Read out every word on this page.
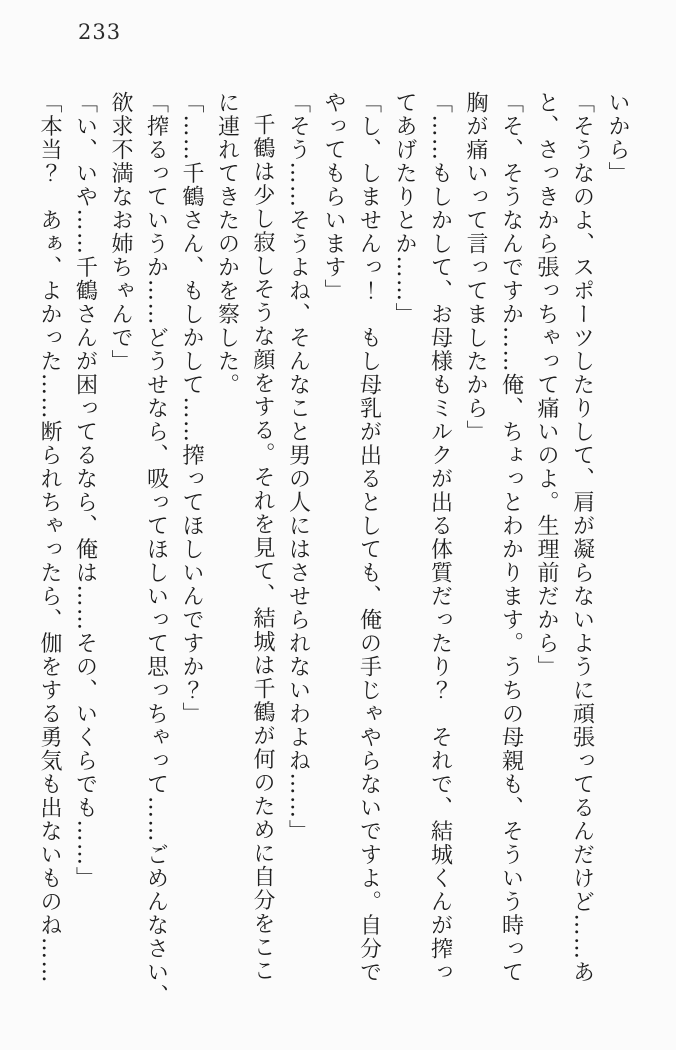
233

いから」

「そうなのよ、スポーツしたりして、肩が凝らないように頑張ってるんだけど……あ

と、さっきから張っちゃって痛いのよ。生理前だから」

「そ、そうなんですか……俺、ちょっとわかります。うちの母親も、そういう時って

胸が痛いって言ってましたから」

「……もしかして、お母様もミルクが出る体質だったり？　それで、結城くんが搾っ

てあげたりとか……」

「し、しませんっ！　もし母乳が出るとしても、俺の手じゃやらないですよ。自分で

やってもらいます」

「そう……そうよね、そんなこと男の人にはさせられないわよね……」

千鶴は少し寂しそうな顔をする。それを見て、結城は千鶴が何のために自分をここ

に連れてきたのかを察した。

「……千鶴さん、もしかして……搾ってほしいんですか？」

「搾るっていうか……どうせなら、吸ってほしいって思っちゃって……ごめんなさい、

欲求不満なお姉ちゃんで」

「い、いや……千鶴さんが困ってるなら、俺は……その、いくらでも……」

「本当？　あぁ、よかった……断られちゃったら、伽をする勇気も出ないものね……
